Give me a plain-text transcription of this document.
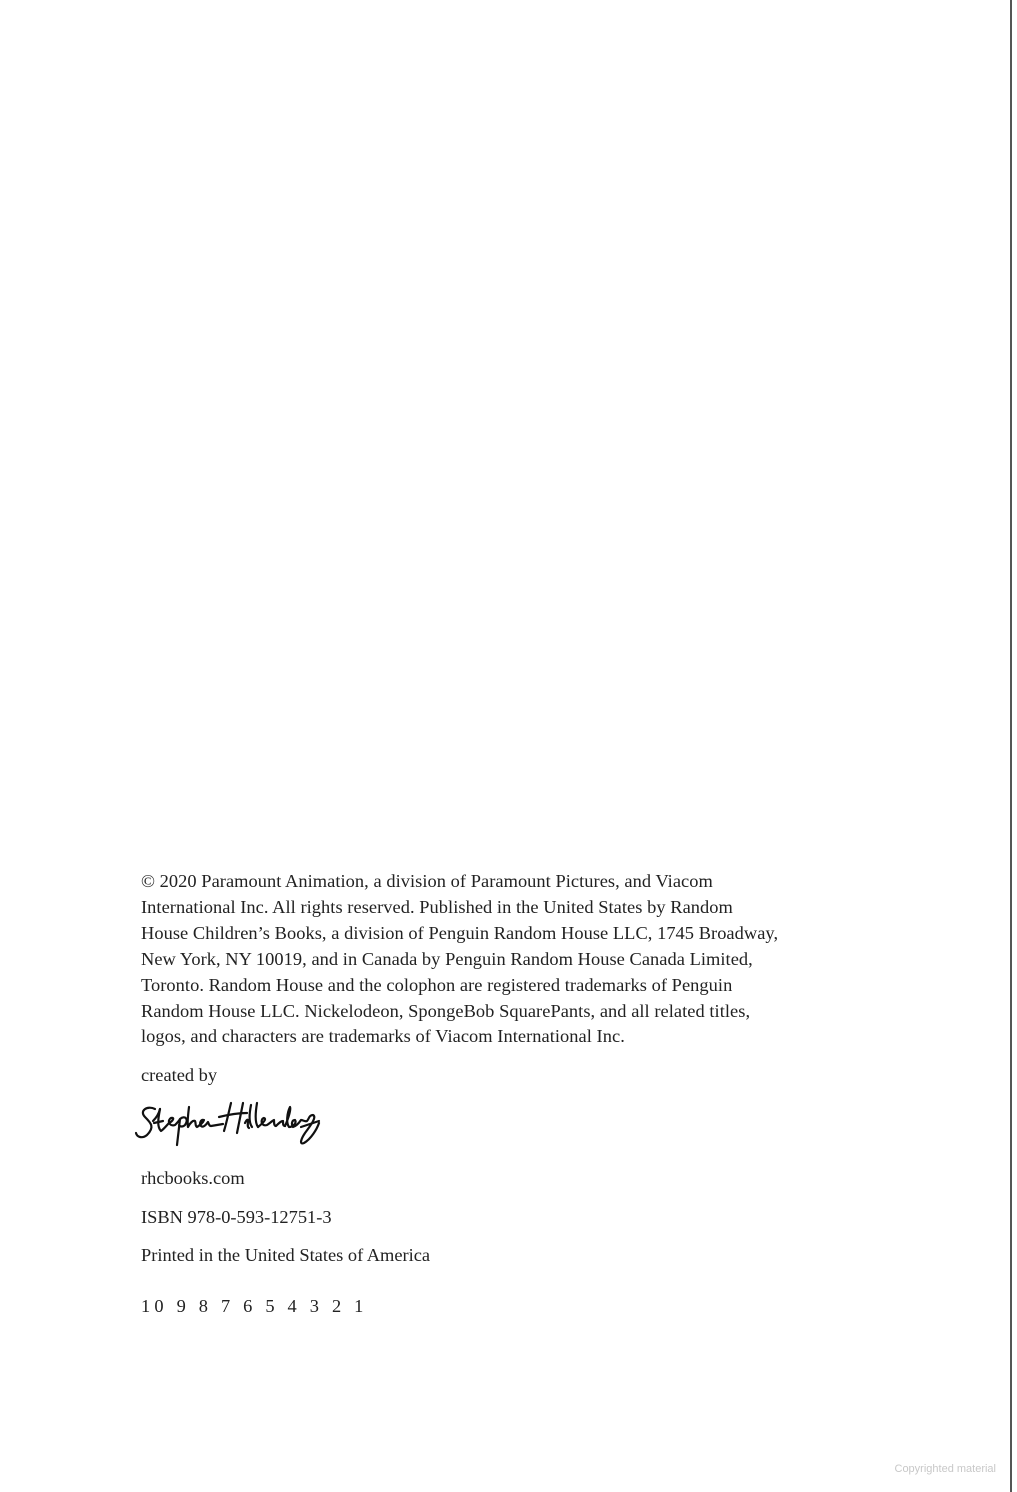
© 2020 Paramount Animation, a division of Paramount Pictures, and Viacom
International Inc. All rights reserved. Published in the United States by Random
House Children’s Books, a division of Penguin Random House LLC, 1745 Broadway,
New York, NY 10019, and in Canada by Penguin Random House Canada Limited,
Toronto. Random House and the colophon are registered trademarks of Penguin
Random House LLC. Nickelodeon, SpongeBob SquarePants, and all related titles,
logos, and characters are trademarks of Viacom International Inc.

created by

rhcbooks.com

ISBN 978-0-593-12751-3

Printed in the United States of America

10 9 8 7 6 5 4 3 2 1

Copyrighted material
